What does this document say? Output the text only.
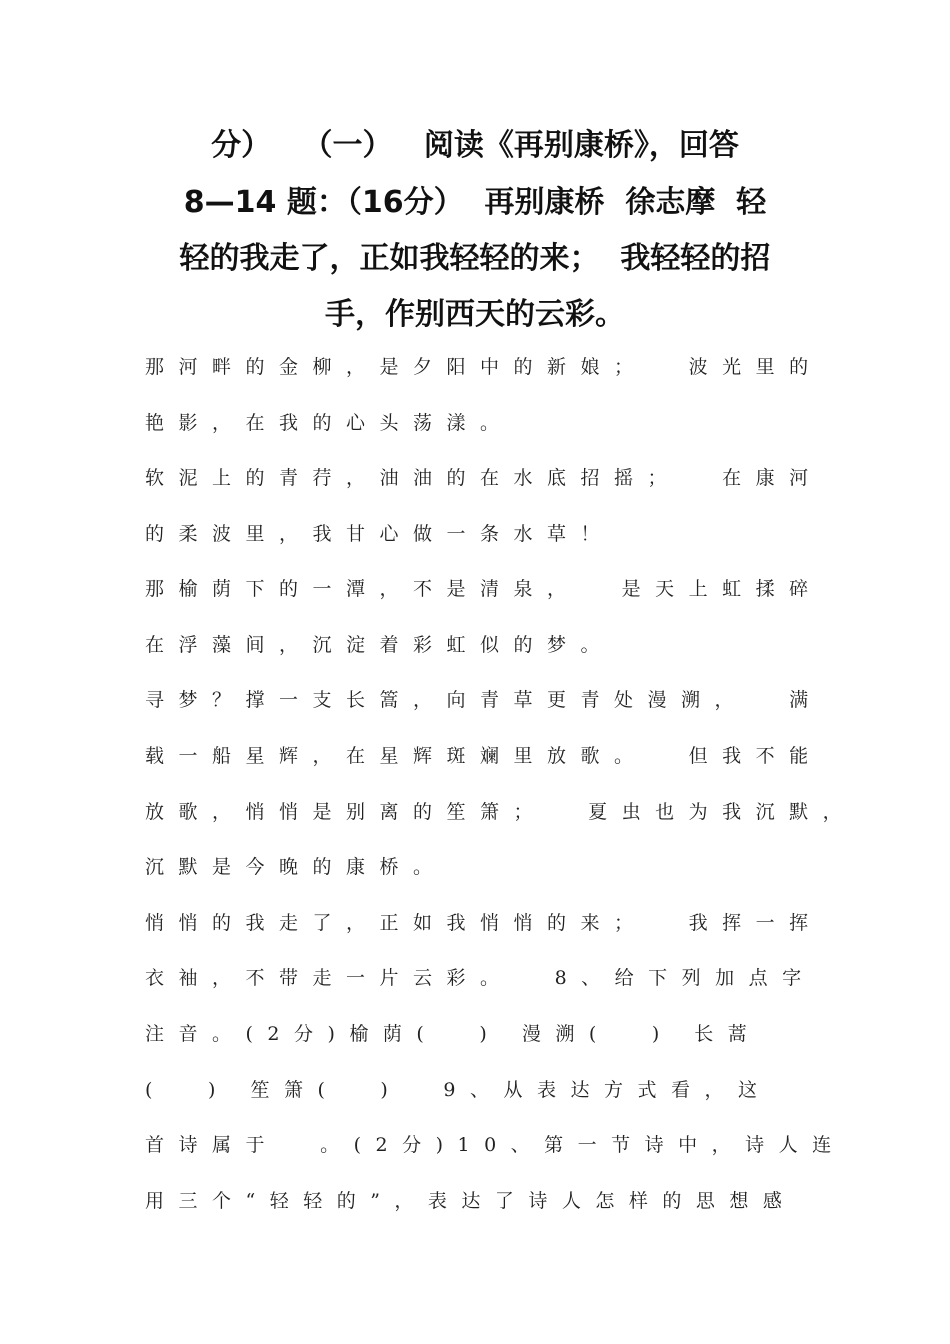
分）   （一）   阅读《再别康桥》，回答
8—14 题：（16分）  再别康桥  徐志摩  轻
轻的我走了，正如我轻轻的来；  我轻轻的招
手，作别西天的云彩。
那河畔的金柳，是夕阳中的新娘；  波光里的
艳影，在我的心头荡漾。
软泥上的青荇，油油的在水底招摇；  在康河
的柔波里，我甘心做一条水草！
那榆荫下的一潭，不是清泉，  是天上虹揉碎
在浮藻间，沉淀着彩虹似的梦。
寻梦？撑一支长篙，向青草更青处漫溯，  满
载一船星辉，在星辉斑斓里放歌。  但我不能
放歌，悄悄是别离的笙箫；  夏虫也为我沉默，
沉默是今晚的康桥。
悄悄的我走了，正如我悄悄的来；  我挥一挥
衣袖，不带走一片云彩。  8、给下列加点字
注音。(2分)榆荫(  ) 漫溯(  ) 长蒿
(  ) 笙箫(  )  9、从表达方式看，这
首诗属于  。(2分)10、第一节诗中，诗人连
用三个“轻轻的”，表达了诗人怎样的思想感
